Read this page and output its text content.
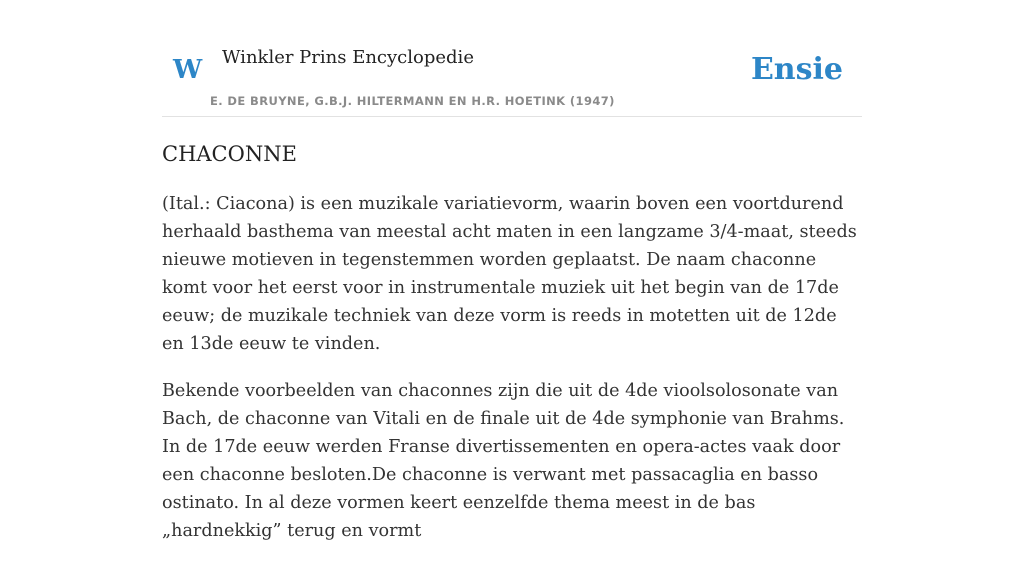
W Winkler Prins Encyclopedie
E. DE BRUYNE, G.B.J. HILTERMANN EN H.R. HOETINK (1947)
Ensie
CHACONNE

(Ital.: Ciacona) is een muzikale variatievorm, waarin boven een voortdurend herhaald basthema van meestal acht maten in een langzame 3/4-maat, steeds nieuwe motieven in tegenstemmen worden geplaatst. De naam chaconne komt voor het eerst voor in instrumentale muziek uit het begin van de 17de eeuw; de muzikale techniek van deze vorm is reeds in motetten uit de 12de en 13de eeuw te vinden.

Bekende voorbeelden van chaconnes zijn die uit de 4de vioolsolosonate van Bach, de chaconne van Vitali en de finale uit de 4de symphonie van Brahms. In de 17de eeuw werden Franse divertissementen en opera-actes vaak door een chaconne besloten.De chaconne is verwant met passacaglia en basso ostinato. In al deze vormen keert eenzelfde thema meest in de bas „hardnekkig” terug en vormt
